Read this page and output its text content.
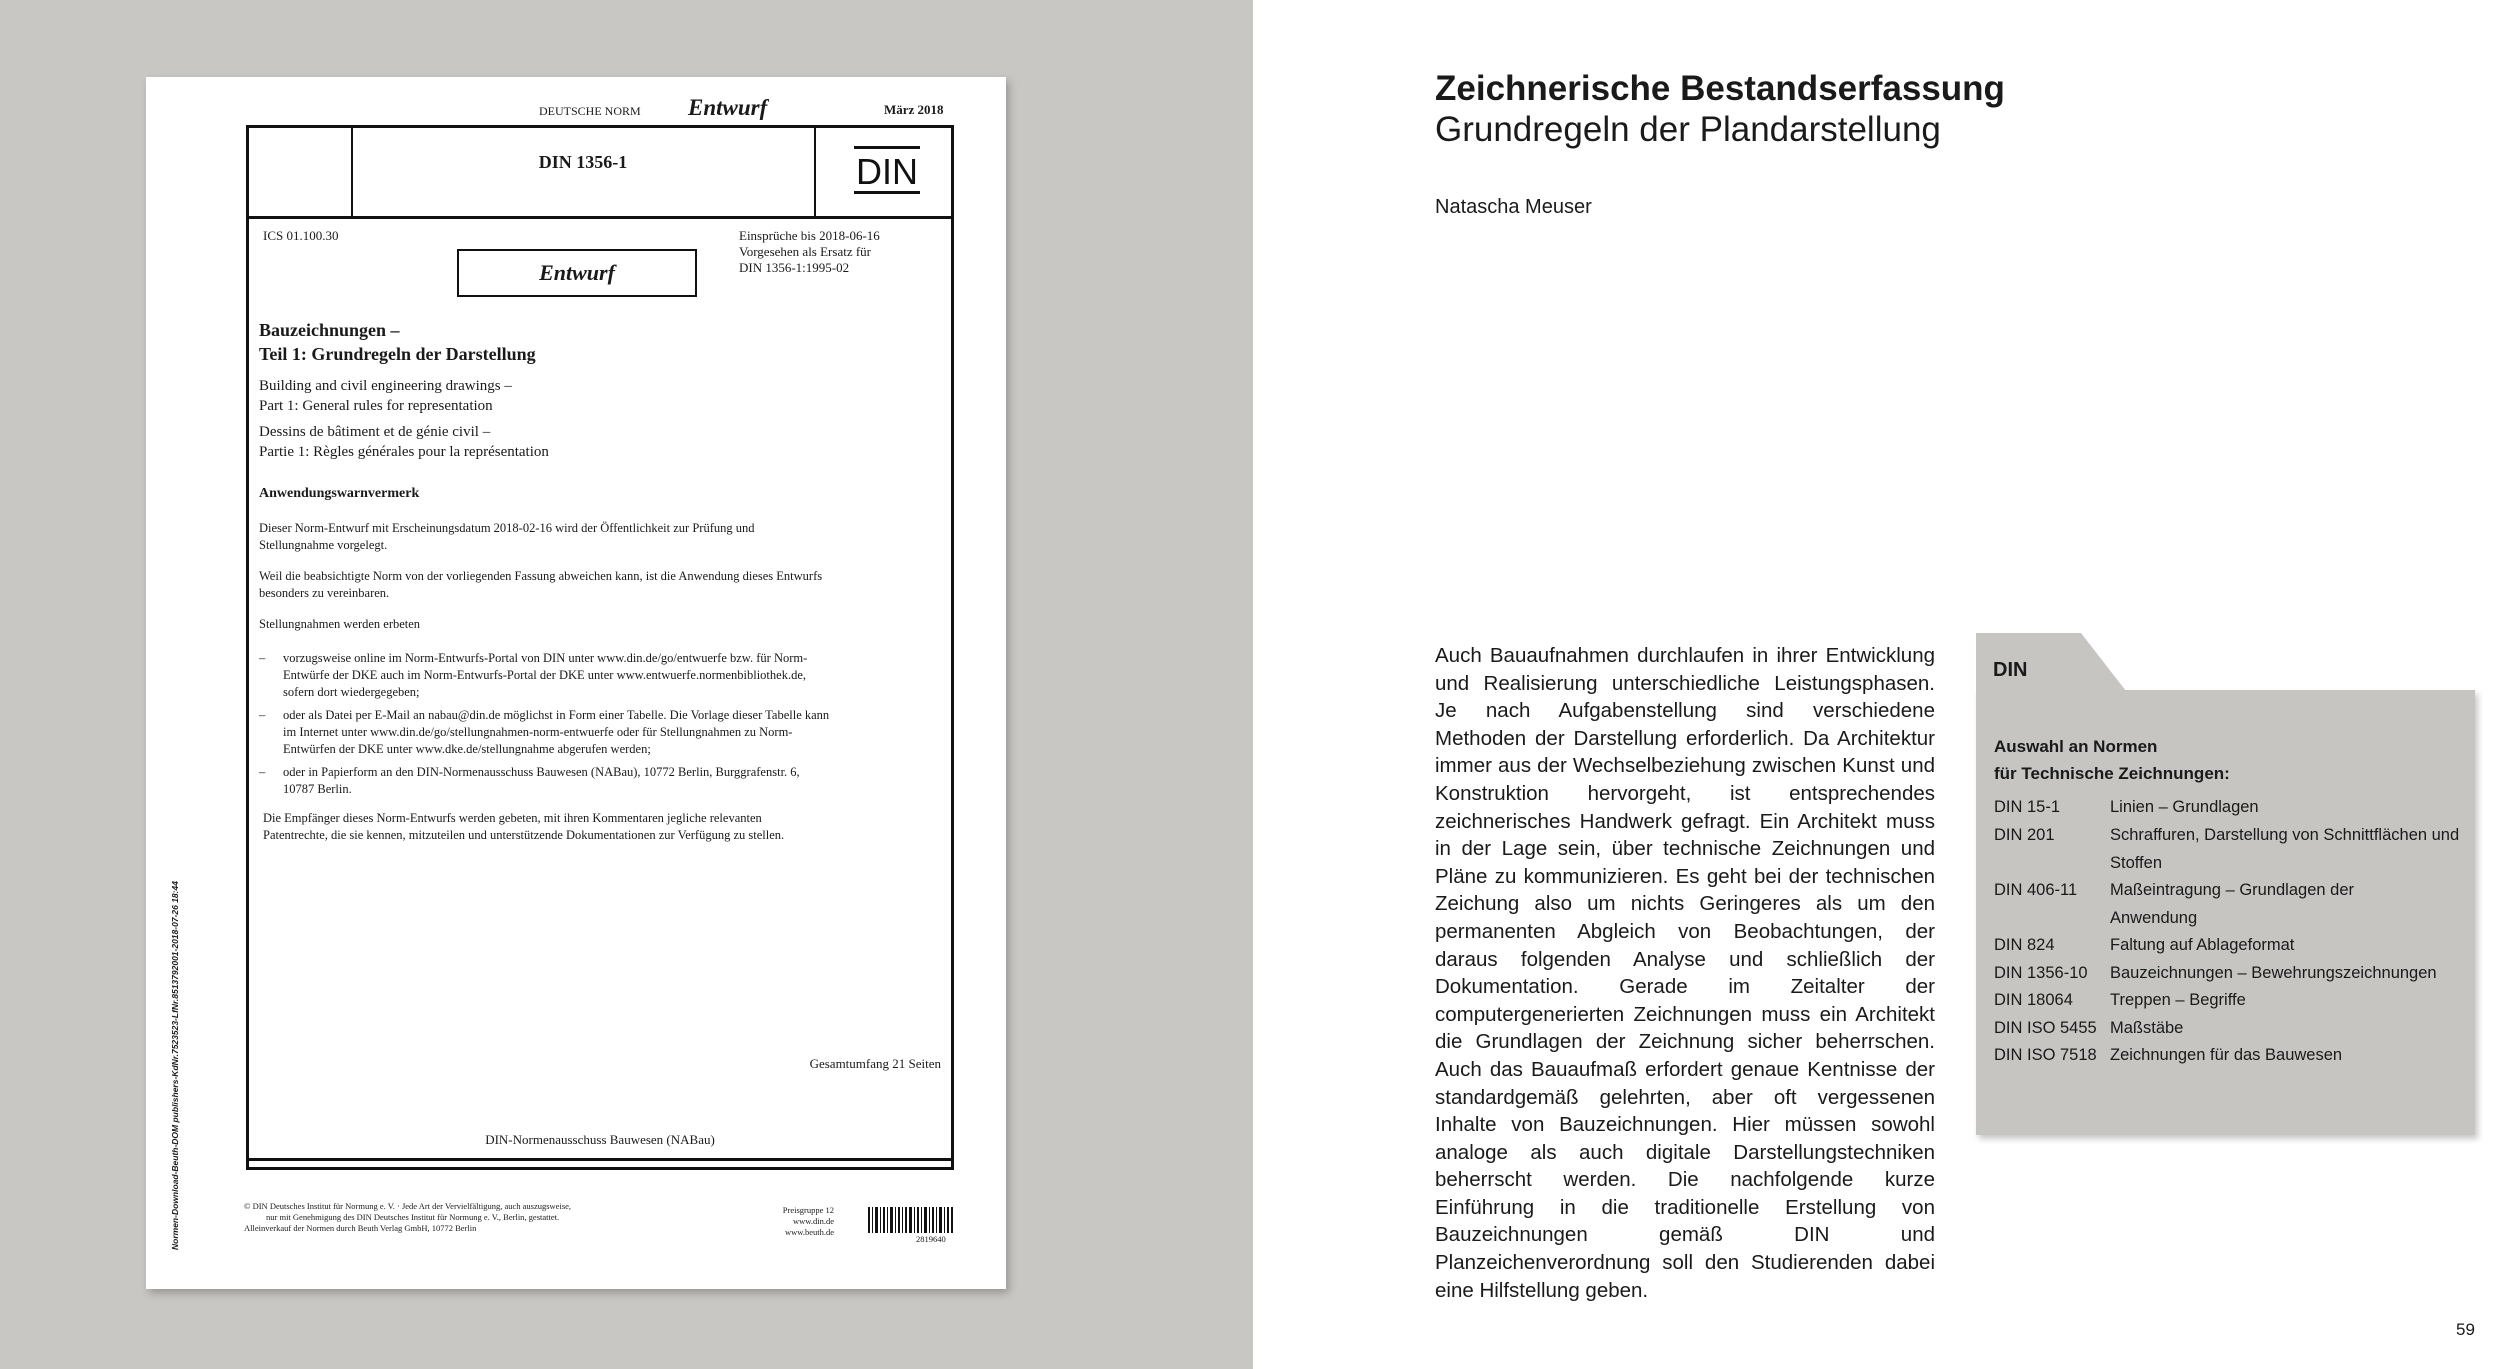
DEUTSCHE NORM Entwurf	März 2018
DIN 1356-1	DIN
ICS 01.100.30
Entwurf
Einsprüche bis 2018-06-16
Vorgesehen als Ersatz für
DIN 1356-1:1995-02
Bauzeichnungen –
Teil 1: Grundregeln der Darstellung
Building and civil engineering drawings –
Part 1: General rules for representation
Dessins de bâtiment et de génie civil –
Partie 1: Règles générales pour la représentation
Anwendungswarnvermerk
Dieser Norm-Entwurf mit Erscheinungsdatum 2018-02-16 wird der Öffentlichkeit zur Prüfung und
Stellungnahme vorgelegt.
Weil die beabsichtigte Norm von der vorliegenden Fassung abweichen kann, ist die Anwendung dieses Entwurfs
besonders zu vereinbaren.
Stellungnahmen werden erbeten
– vorzugsweise online im Norm-Entwurfs-Portal von DIN unter www.din.de/go/entwuerfe bzw. für Norm-
Entwürfe der DKE auch im Norm-Entwurfs-Portal der DKE unter www.entwuerfe.normenbibliothek.de,
sofern dort wiedergegeben;
– oder als Datei per E-Mail an nabau@din.de möglichst in Form einer Tabelle. Die Vorlage dieser Tabelle kann
im Internet unter www.din.de/go/stellungnahmen-norm-entwuerfe oder für Stellungnahmen zu Norm-
Entwürfen der DKE unter www.dke.de/stellungnahme abgerufen werden;
– oder in Papierform an den DIN-Normenausschuss Bauwesen (NABau), 10772 Berlin, Burggrafenstr. 6,
10787 Berlin.
Die Empfänger dieses Norm-Entwurfs werden gebeten, mit ihren Kommentaren jegliche relevanten
Patentrechte, die sie kennen, mitzuteilen und unterstützende Dokumentationen zur Verfügung zu stellen.
Gesamtumfang 21 Seiten
DIN-Normenausschuss Bauwesen (NABau)
© DIN Deutsches Institut für Normung e. V. · Jede Art der Vervielfältigung, auch auszugsweise,
nur mit Genehmigung des DIN Deutsches Institut für Normung e. V., Berlin, gestattet.
Alleinverkauf der Normen durch Beuth Verlag GmbH, 10772 Berlin
Preisgruppe 12
www.din.de
www.beuth.de
2819640
Normen-Download-Beuth-DOM publishers-KdNr.7523523-LfNr.8513792001-2018-07-26 18:44
Zeichnerische Bestandserfassung
Grundregeln der Plandarstellung
Natascha Meuser
Auch Bauaufnahmen durchlaufen in ihrer Entwicklung und Realisierung unterschiedliche Leistungsphasen. Je nach Aufgabenstellung sind verschiedene Methoden der Darstellung erforderlich. Da Architektur immer aus der Wechselbeziehung zwischen Kunst und Konstruktion hervorgeht, ist entsprechendes zeichnerisches Handwerk gefragt. Ein Architekt muss in der Lage sein, über technische Zeichnungen und Pläne zu kommunizieren. Es geht bei der technischen Zeichung also um nichts Geringeres als um den permanenten Abgleich von Beobachtungen, der daraus folgenden Analyse und schließlich der Dokumentation. Gerade im Zeitalter der computergenerierten Zeichnungen muss ein Architekt die Grundlagen der Zeichnung sicher beherrschen. Auch das Bauaufmaß erfordert genaue Kentnisse der standardgemäß gelehrten, aber oft vergessenen Inhalte von Bauzeichnungen. Hier müssen sowohl analoge als auch digitale Darstellungstechniken beherrscht werden. Die nachfolgende kurze Einführung in die traditionelle Erstellung von Bauzeichnungen gemäß DIN und Planzeichenverordnung soll den Studierenden dabei eine Hilfstellung geben.
DIN
Auswahl an Normen
für Technische Zeichnungen:
DIN 15-1	Linien – Grundlagen
DIN 201	Schraffuren, Darstellung von Schnittflächen und Stoffen
DIN 406-11 Maßeintragung – Grundlagen der Anwendung
DIN 824	Faltung auf Ablageformat
DIN 1356-10 Bauzeichnungen – Bewehrungszeichnungen
DIN 18064 Treppen – Begriffe
DIN ISO 5455 Maßstäbe
DIN ISO 7518 Zeichnungen für das Bauwesen
59
